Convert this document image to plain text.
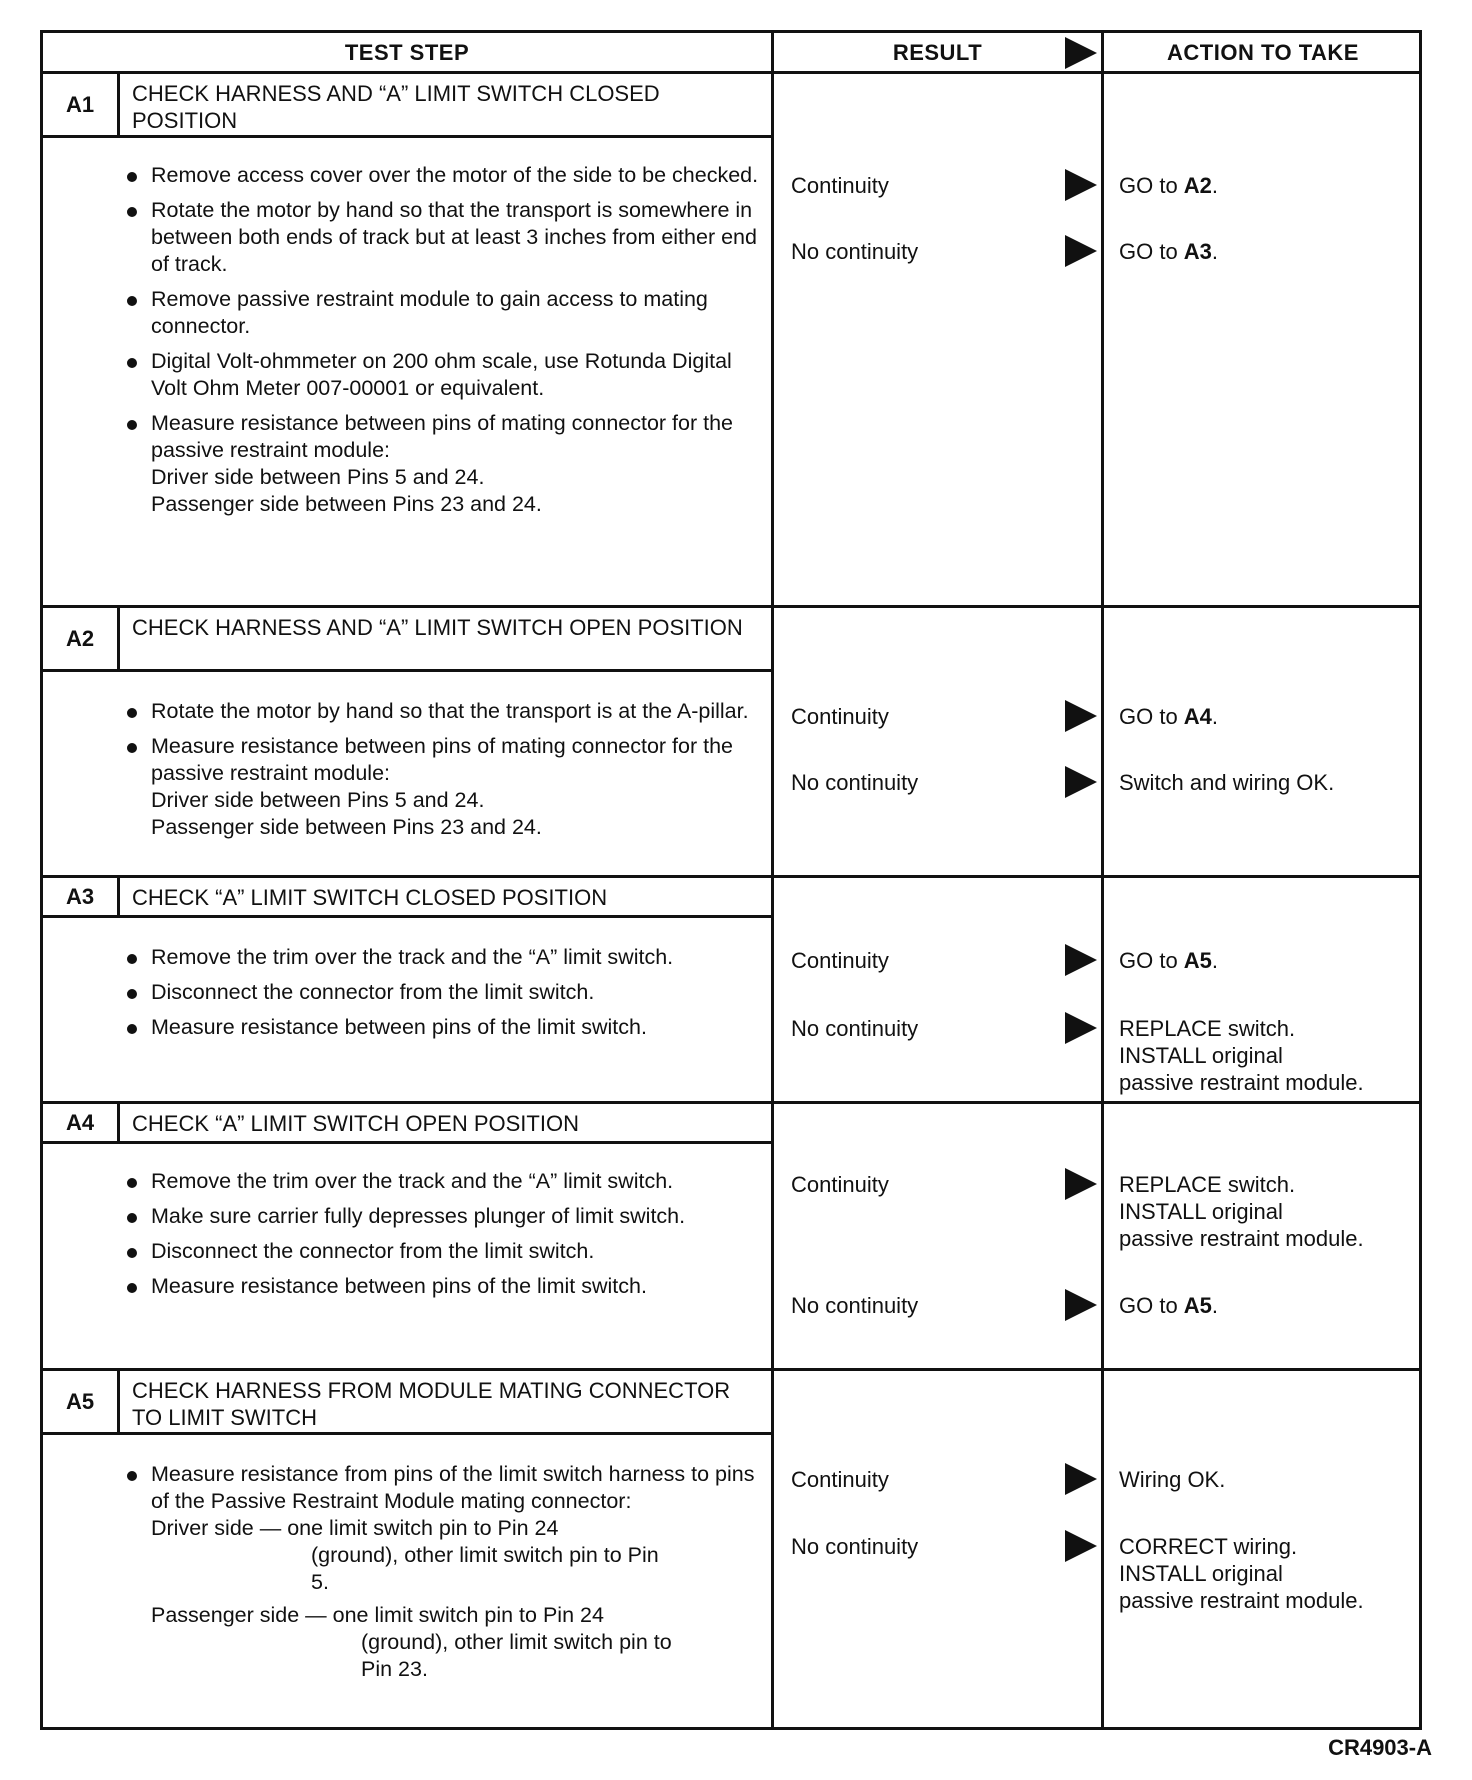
TEST STEP	RESULT	ACTION TO TAKE
A1	CHECK HARNESS AND “A” LIMIT SWITCH CLOSED POSITION
Remove access cover over the motor of the side to be checked.
Rotate the motor by hand so that the transport is somewhere in between both ends of track but at least 3 inches from either end of track.
Remove passive restraint module to gain access to mating connector.
Digital Volt-ohmmeter on 200 ohm scale, use Rotunda Digital Volt Ohm Meter 007-00001 or equivalent.
Measure resistance between pins of mating connector for the passive restraint module:
Driver side between Pins 5 and 24.
Passenger side between Pins 23 and 24.
Continuity	GO to A2.
No continuity	GO to A3.
A2	CHECK HARNESS AND “A” LIMIT SWITCH OPEN POSITION
Rotate the motor by hand so that the transport is at the A-pillar.
Measure resistance between pins of mating connector for the passive restraint module:
Driver side between Pins 5 and 24.
Passenger side between Pins 23 and 24.
Continuity	GO to A4.
No continuity	Switch and wiring OK.
A3	CHECK “A” LIMIT SWITCH CLOSED POSITION
Remove the trim over the track and the “A” limit switch.
Disconnect the connector from the limit switch.
Measure resistance between pins of the limit switch.
Continuity	GO to A5.
No continuity	REPLACE switch.
INSTALL original
passive restraint module.
A4	CHECK “A” LIMIT SWITCH OPEN POSITION
Remove the trim over the track and the “A” limit switch.
Make sure carrier fully depresses plunger of limit switch.
Disconnect the connector from the limit switch.
Measure resistance between pins of the limit switch.
Continuity	REPLACE switch.
INSTALL original
passive restraint module.
No continuity	GO to A5.
A5	CHECK HARNESS FROM MODULE MATING CONNECTOR TO LIMIT SWITCH
Measure resistance from pins of the limit switch harness to pins of the Passive Restraint Module mating connector:
Driver side — one limit switch pin to Pin 24
(ground), other limit switch pin to Pin
5.
Passenger side — one limit switch pin to Pin 24
(ground), other limit switch pin to
Pin 23.
Continuity	Wiring OK.
No continuity	CORRECT wiring.
INSTALL original
passive restraint module.
CR4903-A
